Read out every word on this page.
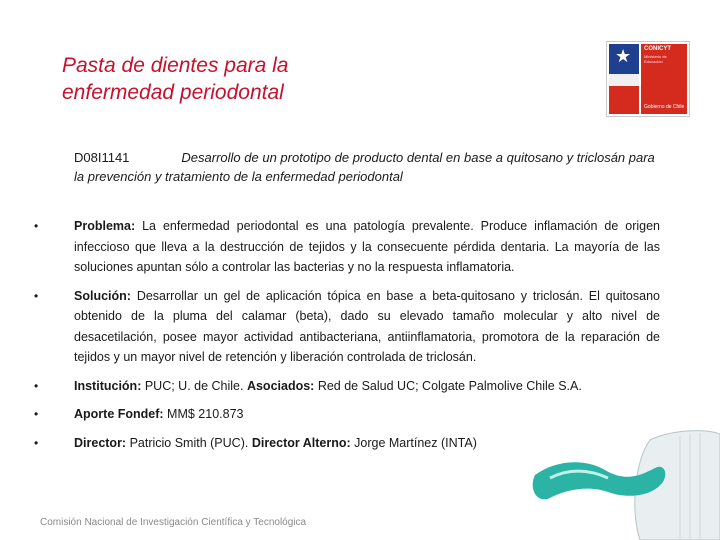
Pasta de dientes para la
enfermedad periodontal
★ CONICYT
Ministerio de Educación
Gobierno de Chile
D08I1141	Desarrollo de un prototipo de producto dental en base a quitosano y triclosán para la prevención y tratamiento de la enfermedad periodontal
•	Problema: La enfermedad periodontal es una patología prevalente. Produce inflamación de origen infeccioso que lleva a la destrucción de tejidos y la consecuente pérdida dentaria. La mayoría de las soluciones apuntan sólo a controlar las bacterias y no la respuesta inflamatoria.
•	Solución: Desarrollar un gel de aplicación tópica en base a beta-quitosano y triclosán. El quitosano obtenido de la pluma del calamar (beta), dado su elevado tamaño molecular y alto nivel de desacetilación, posee mayor actividad antibacteriana, antiinflamatoria, promotora de la reparación de tejidos y un mayor nivel de retención y liberación controlada de triclosán.
•	Institución: PUC; U. de Chile. Asociados: Red de Salud UC; Colgate Palmolive Chile S.A.
•	Aporte Fondef: MM$ 210.873
•	Director: Patricio Smith (PUC). Director Alterno: Jorge Martínez (INTA)
Comisión Nacional de Investigación Científica y Tecnológica
